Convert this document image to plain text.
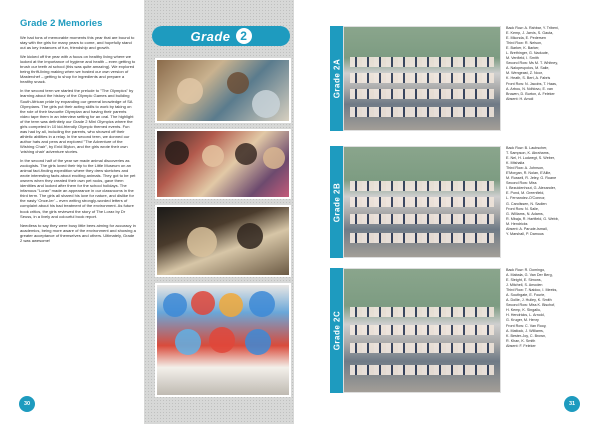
Grade 2 Memories

We had tons of memorable moments this year that are bound to stay with the girls for many years to come, and hopefully stand out as key instances of fun, friendship and growth.

We kicked off the year with a focus on healthy living where we looked at the importance of hygiene and health – even getting to brush our teeth at school (this was quite amazing). We explored being thrift-living making when we hosted our own version of Masterchef – getting to shop for ingredients and prepare a healthy snack.

In the second term we started the prelude to "The Olympics" by learning about the history of the Olympic Games and building South African pride by expanding our general knowledge of SA Olympians. The girls put their acting skills to work by taking on the role of their favourite Olympian and having their parents video tape them in an interview setting for an oral. The highlight of the term was definitely our Grade 2 Mini Olympics where the girls competed in 10 kid-friendly Olympic themed events. Fun was had by all, including the parents, who showed off their athletic abilities in a relay. In the second term, we donned our author hats and pens and explored "The Adventure of the Wishing Chair", by Enid Blyton, and the girls wrote their own 'wishing chair' adventure stories.

In the second half of the year we made animal discoveries as zoologists. The girls loved their trip to the Little Museum on an animal fact-finding expedition where they drew sketches and wrote interesting facts about exciting animals. They got to be pet owners when they created their own pet rocks, gave them identities and looked after them for the school holidays. The infamous "Lorax" made an appearance in our classrooms in the third term. The girls all shared his love for nature, and dislike for the nasty 'Once-ler' – even writing strongly-worded letters of complaint about his bad treatment of the environment. As future book critics, the girls reviewed the story of The Lorax by Dr Seuss, in a lively and colourful book report.

Needless to say they were busy little bees aiming for accuracy in academics, being more aware of the environment and showing a greater acceptance of themselves and others. Ultimately, Grade 2 was awesome!

30
Grade 2
Grade 2A
Grade 2B
Grade 2C

Back Row: A. Rahbar, Y. Tribeni,

E. Kemp, J. Jarvis, S. Gauta,

E. Mkonda, E. Pedersen

Third Row: R. Nelson,

E. Barker, K. Barker,

L. Brethinger, G. Naduute,

M. Venfield, I. Smith

Second Row: Ms M. T. Whitney,

A. Nalopeupolos, M. Salie,

M. Wengeast, Z. Noor,

K. Heath, S. Bert, A. Fabris

Front Row: N. Jacobs, T. Haas,

A. Arbou, N. Ndhlovu, E. van

Bruwen, D. Burton, A. Feleker

Absent: H. Amoli

Back Row: B. Laubscher,

T. Sampson, K. Abrahams,

E. Nel, H. Ludwegt, S. Weber,

K. Mtshalia

Third Row: A. Johnson,

E'Morgan, R. Nolan, E'Allie,

M. Russell, R. Jeley, G. Roane

Second Row: Miss

I. Bezuidenhout, G. Alexander,

E. Pond, M. Greenfield,

L. Fernandez-O'Connor,

G. Carolissen, N. Sadien

Front Row: N. Salie,

G. Williams, N. Adams,

R. Mbaja, R. Hartfield, G. Webb,

M. Hendricks

Absent: A. Parude-Ismail,

Y. Marshall, P. Damous

Back Row: R. Domingo,

A. Mabala, G. Van Der Berg,

E. Sleight, E. Simons,

J. Mitchell, S. Amoden

Third Row: T. Naidoo, I. Meeks,

A. Southgate, E. Fourie,

A. Dollie, J. Hulley, K. Smith

Second Row: Miss K. Bischof,

H. Kemp, K. Singaliu,

H. Hendricks, L. Arnold,

G. Kruger, M. Henry

Front Row: C. Van Rooy,

A. Matlock, J. Williams,

K. Bester-Joy, C. Brown,

R. Khan, K. Smith

Absent: F. Feleker

31
